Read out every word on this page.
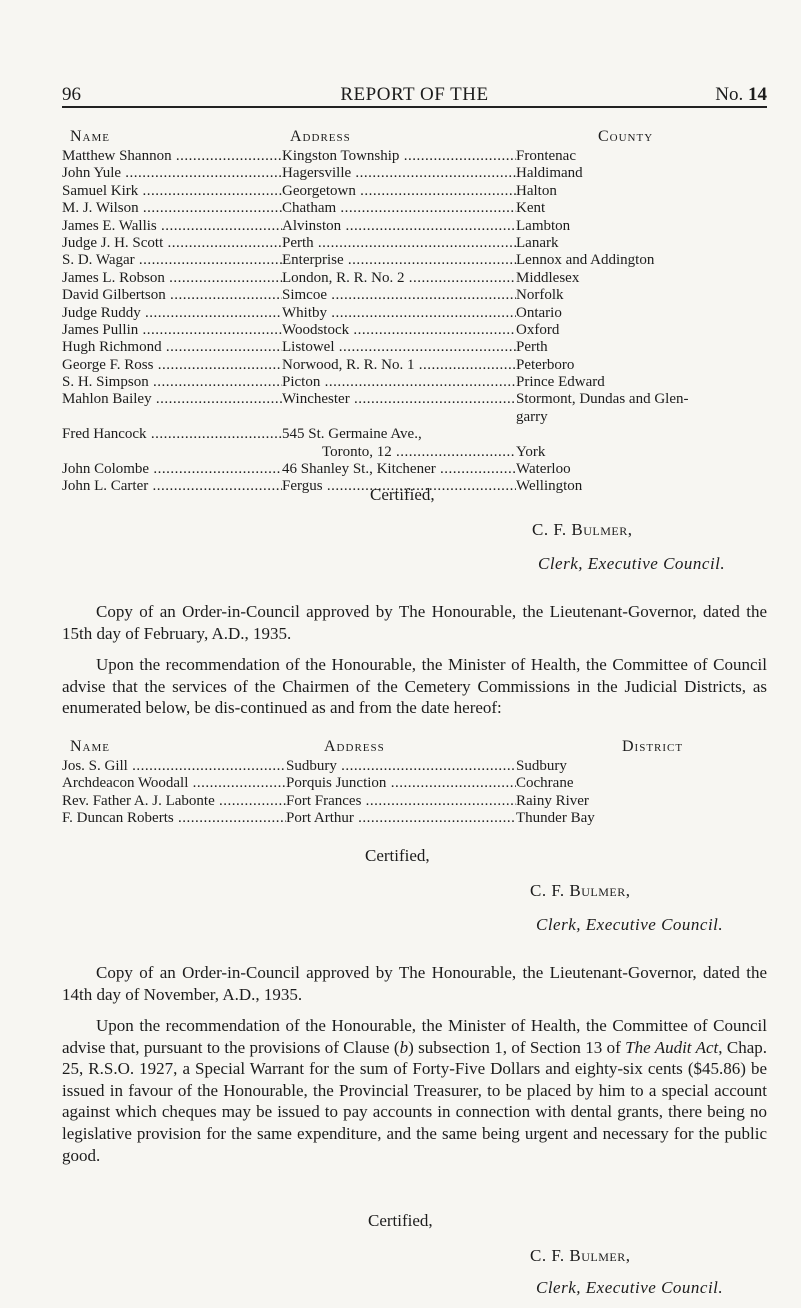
96	REPORT OF THE	No. 14
Name	Address	County
Matthew Shannon .....	Kingston Township .....	Frontenac
John Yule .....	Hagersville .....	Haldimand
Samuel Kirk .....	Georgetown .....	Halton
M. J. Wilson .....	Chatham .....	Kent
James E. Wallis .....	Alvinston .....	Lambton
Judge J. H. Scott .....	Perth .....	Lanark
S. D. Wagar .....	Enterprise .....	Lennox and Addington
James L. Robson .....	London, R. R. No. 2 .....	Middlesex
David Gilbertson .....	Simcoe .....	Norfolk
Judge Ruddy .....	Whitby .....	Ontario
James Pullin .....	Woodstock .....	Oxford
Hugh Richmond .....	Listowel .....	Perth
George F. Ross .....	Norwood, R. R. No. 1 .....	Peterboro
S. H. Simpson .....	Picton .....	Prince Edward
Mahlon Bailey .....	Winchester .....	Stormont, Dundas and Glen-
garry
Fred Hancock .....	545 St. Germaine Ave.,
Toronto, 12 .....	York
John Colombe .....	46 Shanley St., Kitchener .....	Waterloo
John L. Carter .....	Fergus .....	Wellington
Certified,
C. F. Bulmer,
Clerk, Executive Council.
Copy of an Order-in-Council approved by The Honourable, the Lieutenant-Governor, dated the 15th day of February, A.D., 1935.
Upon the recommendation of the Honourable, the Minister of Health, the Committee of Council advise that the services of the Chairmen of the Cemetery Commissions in the Judicial Districts, as enumerated below, be dis-continued as and from the date hereof:
Name	Address	District
Jos. S. Gill .....	Sudbury .....	Sudbury
Archdeacon Woodall .....	Porquis Junction .....	Cochrane
Rev. Father A. J. Labonte .....	Fort Frances .....	Rainy River
F. Duncan Roberts .....	Port Arthur .....	Thunder Bay
Certified,
C. F. Bulmer,
Clerk, Executive Council.
Copy of an Order-in-Council approved by The Honourable, the Lieutenant-Governor, dated the 14th day of November, A.D., 1935.
Upon the recommendation of the Honourable, the Minister of Health, the Committee of Council advise that, pursuant to the provisions of Clause (b) subsection 1, of Section 13 of The Audit Act, Chap. 25, R.S.O. 1927, a Special Warrant for the sum of Forty-Five Dollars and eighty-six cents ($45.86) be issued in favour of the Honourable, the Provincial Treasurer, to be placed by him to a special account against which cheques may be issued to pay accounts in connection with dental grants, there being no legislative provision for the same expenditure, and the same being urgent and necessary for the public good.
Certified,
C. F. Bulmer,
Clerk, Executive Council.
